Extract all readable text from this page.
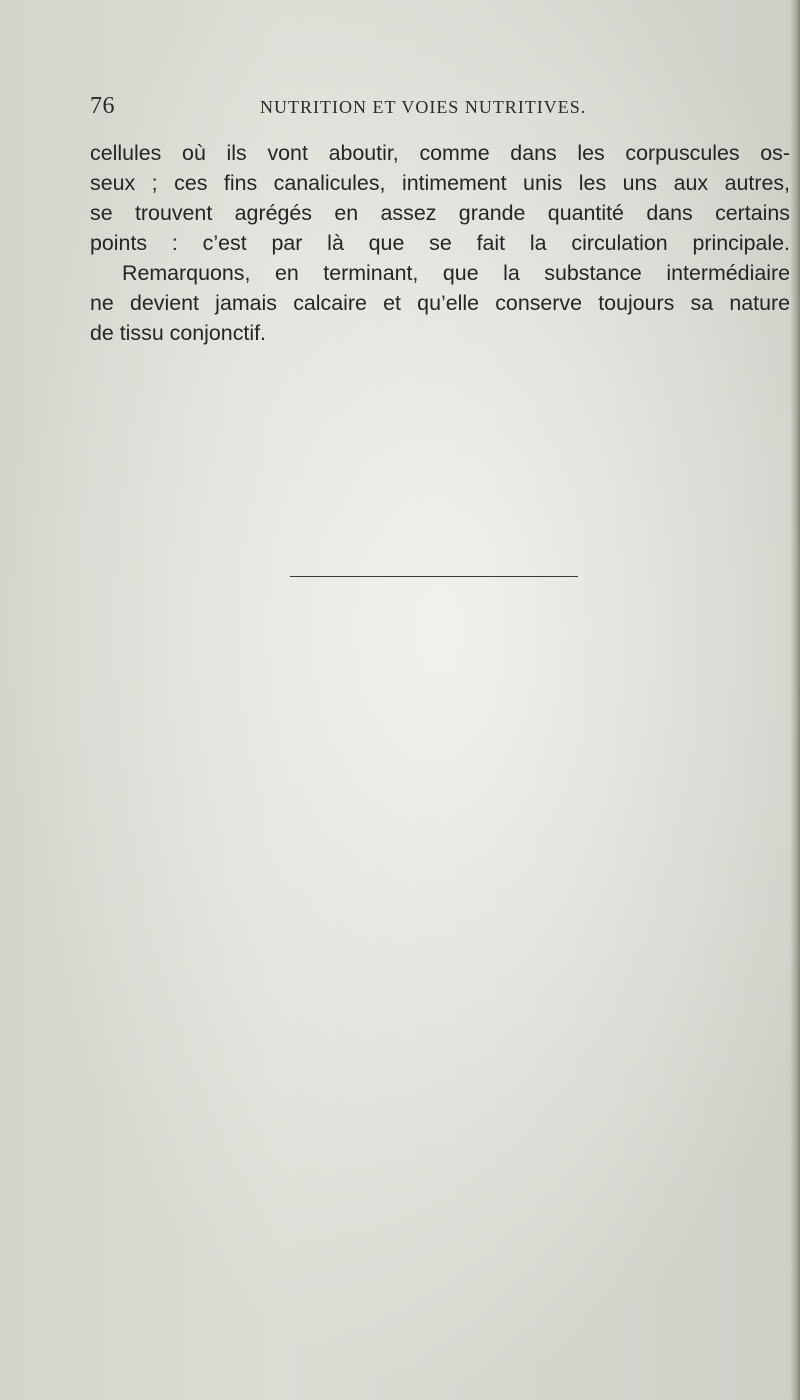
76	NUTRITION ET VOIES NUTRITIVES.
cellules où ils vont aboutir, comme dans les corpuscules os-
seux ; ces fins canalicules, intimement unis les uns aux autres,
se trouvent agrégés en assez grande quantité dans certains
points : c’est par là que se fait la circulation principale.
Remarquons, en terminant, que la substance intermédiaire
ne devient jamais calcaire et qu’elle conserve toujours sa nature
de tissu conjonctif.
